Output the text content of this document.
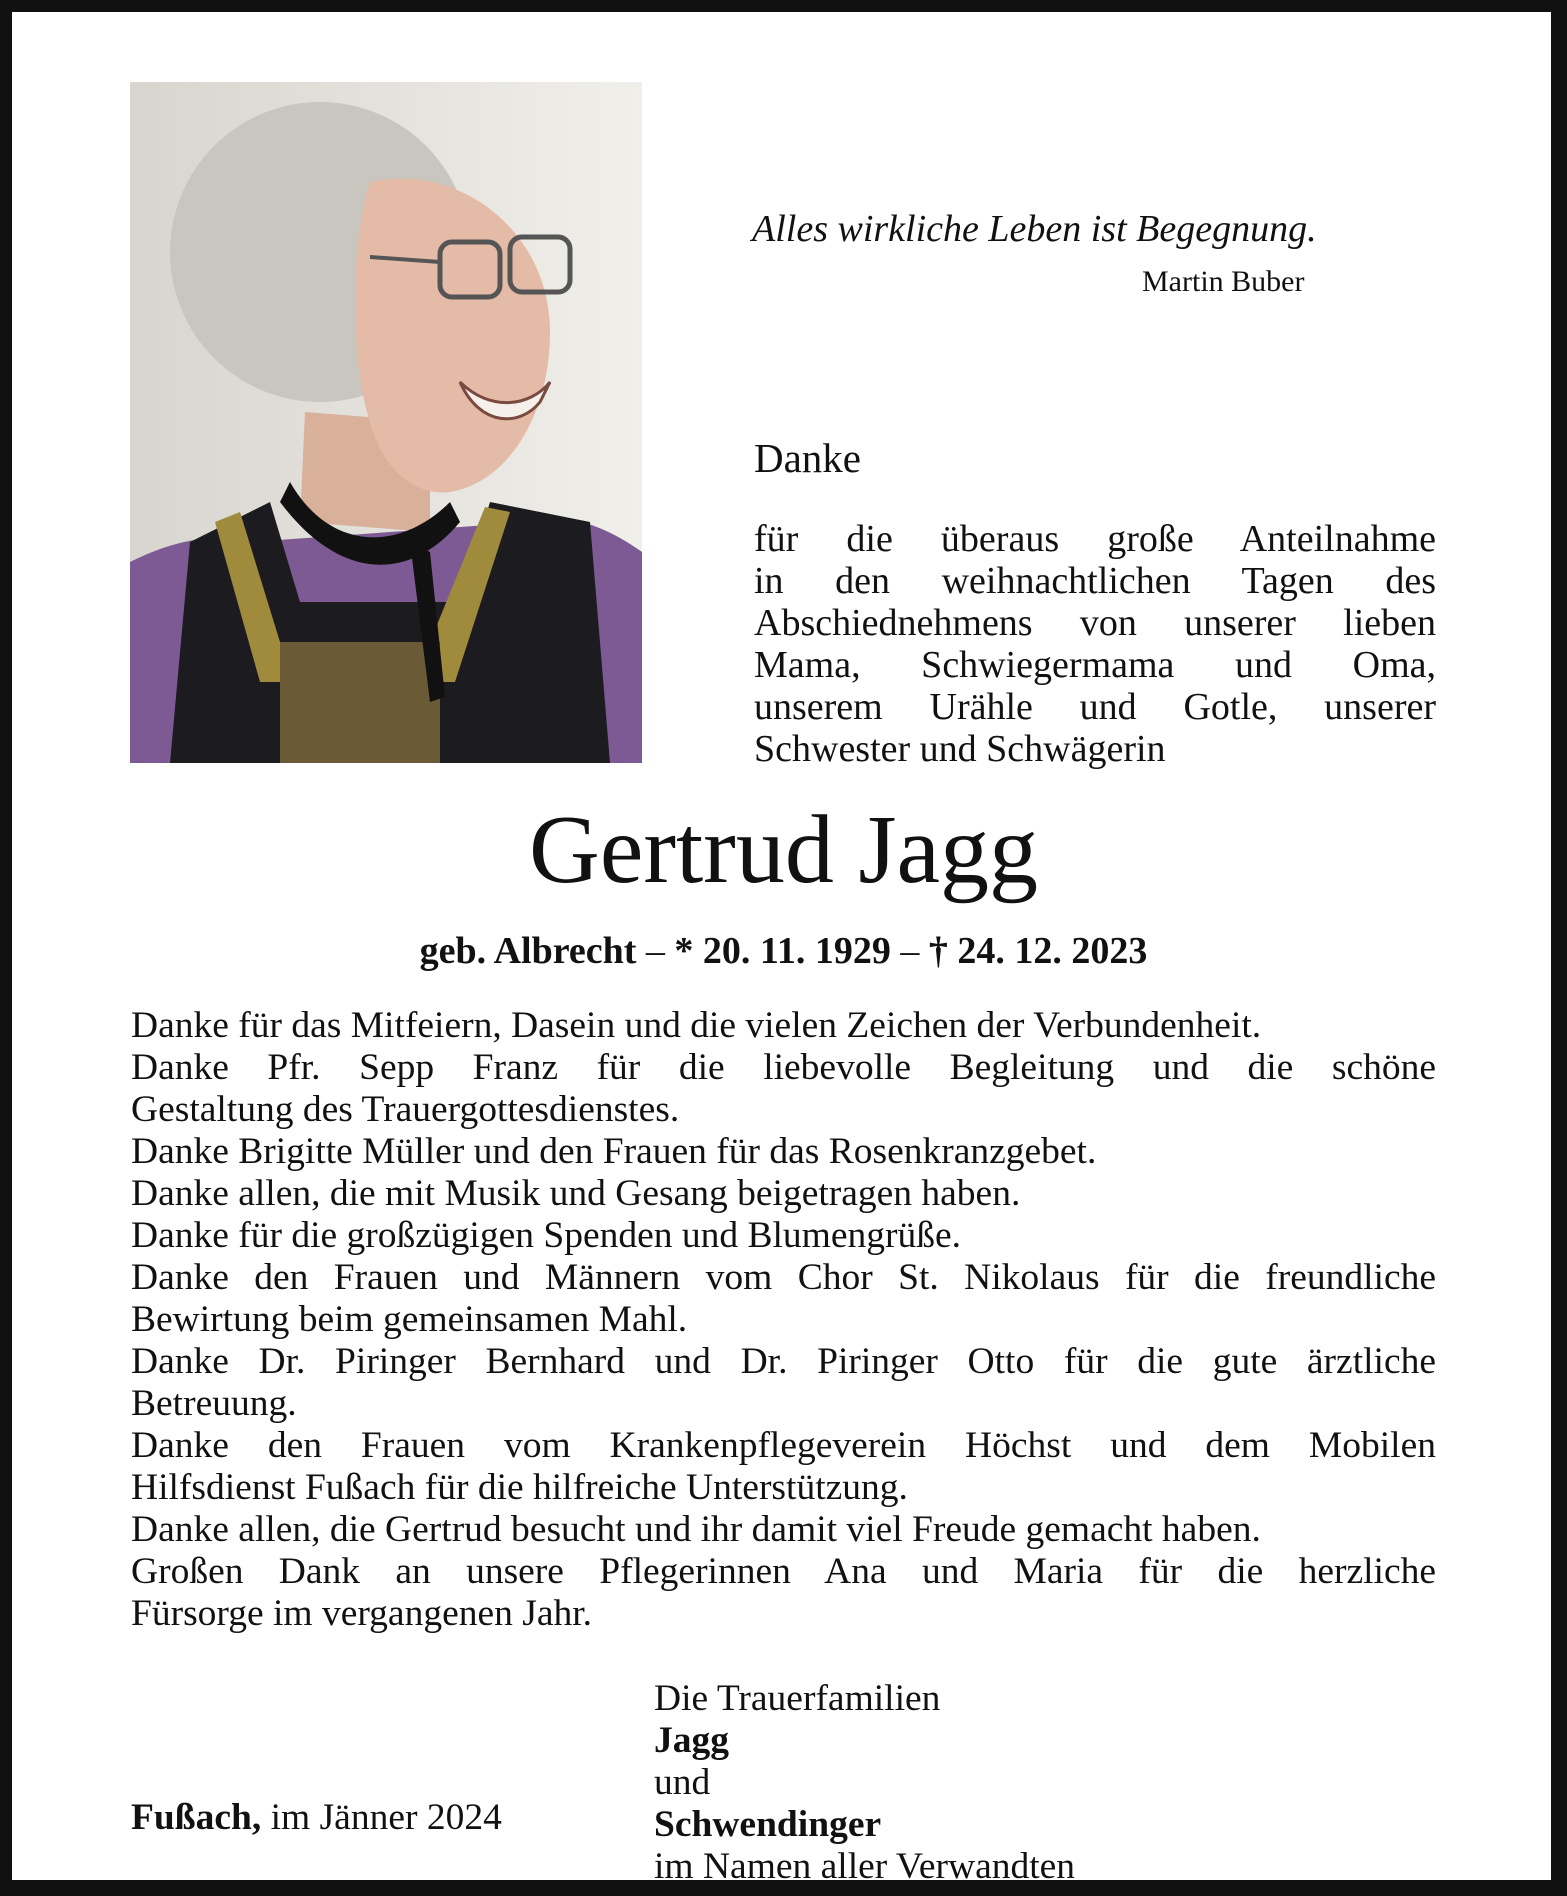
Alles wirkliche Leben ist Begegnung.
Martin Buber
Danke
für die überaus große Anteilnahme
in den weihnachtlichen Tagen des
Abschiednehmens von unserer lieben
Mama, Schwiegermama und Oma,
unserem Urähle und Gotle, unserer
Schwester und Schwägerin
Gertrud Jagg
geb. Albrecht – * 20. 11. 1929 – † 24. 12. 2023
Danke für das Mitfeiern, Dasein und die vielen Zeichen der Verbundenheit.
Danke Pfr. Sepp Franz für die liebevolle Begleitung und die schöne
Gestaltung des Trauergottesdienstes.
Danke Brigitte Müller und den Frauen für das Rosenkranzgebet.
Danke allen, die mit Musik und Gesang beigetragen haben.
Danke für die großzügigen Spenden und Blumengrüße.
Danke den Frauen und Männern vom Chor St. Nikolaus für die freundliche
Bewirtung beim gemeinsamen Mahl.
Danke Dr. Piringer Bernhard und Dr. Piringer Otto für die gute ärztliche
Betreuung.
Danke den Frauen vom Krankenpflegeverein Höchst und dem Mobilen
Hilfsdienst Fußach für die hilfreiche Unterstützung.
Danke allen, die Gertrud besucht und ihr damit viel Freude gemacht haben.
Großen Dank an unsere Pflegerinnen Ana und Maria für die herzliche
Fürsorge im vergangenen Jahr.
Die Trauerfamilien
Jagg
und
Schwendinger
im Namen aller Verwandten
Fußach, im Jänner 2024
